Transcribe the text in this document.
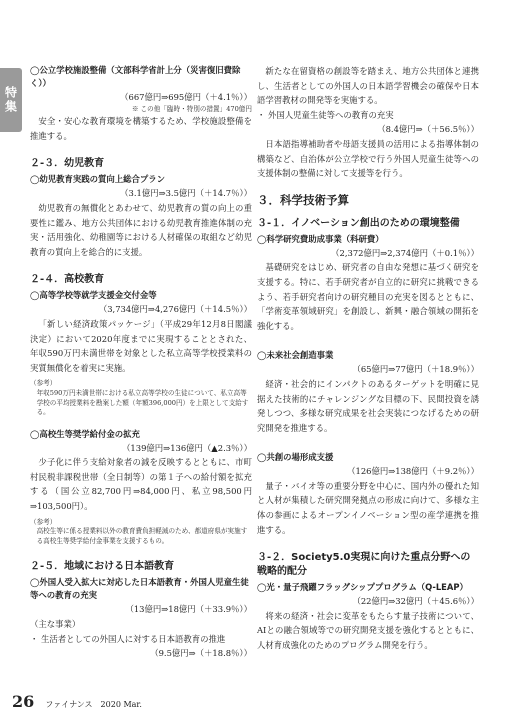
特集
◯公立学校施設整備（文部科学省計上分（災害復旧費除く））
（667億円⇒695億円（＋4.1％））
※ この他「臨時・特別の措置」470億円
安全・安心な教育環境を構築するため、学校施設整備を推進する。
２-３．幼児教育
◯幼児教育実践の質向上総合プラン
（3.1億円⇒3.5億円（＋14.7％））
幼児教育の無償化とあわせて、幼児教育の質の向上の重要性に鑑み、地方公共団体における幼児教育推進体制の充実・活用強化、幼稚園等における人材確保の取組など幼児教育の質向上を総合的に支援。
２-４．高校教育
◯高等学校等就学支援金交付金等
（3,734億円⇒4,276億円（＋14.5％））
「新しい経済政策パッケージ」（平成29年12月8日閣議決定）において2020年度までに実現することとされた、年収590万円未満世帯を対象とした私立高等学校授業料の実質無償化を着実に実施。
（参考）
年収590万円未満世帯における私立高等学校の生徒について、私立高等学校の平均授業料を勘案した額（年額396,000円）を上限として支給する。
◯高校生等奨学給付金の拡充
（139億円⇒136億円（▲2.3％））
少子化に伴う支給対象者の減を反映するとともに、市町村民税非課税世帯（全日制等）の第１子への給付額を拡充する（国公立82,700円⇒84,000円、私立98,500円⇒103,500円）。
（参考）
高校生等に係る授業料以外の教育費負担軽減のため、都道府県が実施する高校生等奨学給付金事業を支援するもの。
２-５．地域における日本語教育
◯外国人受入拡大に対応した日本語教育・外国人児童生徒等への教育の充実
（13億円⇒18億円（＋33.9％））
（主な事業）
・ 生活者としての外国人に対する日本語教育の推進
（9.5億円⇒（＋18.8％））
新たな在留資格の創設等を踏まえ、地方公共団体と連携し、生活者としての外国人の日本語学習機会の確保や日本語学習教材の開発等を実施する。
・ 外国人児童生徒等への教育の充実
（8.4億円⇒（＋56.5％））
日本語指導補助者や母語支援員の活用による指導体制の構築など、自治体が公立学校で行う外国人児童生徒等への支援体制の整備に対して支援等を行う。
３．科学技術予算
３-１．イノベーション創出のための環境整備
◯科学研究費助成事業（科研費）
（2,372億円⇒2,374億円（＋0.1％））
基礎研究をはじめ、研究者の自由な発想に基づく研究を支援する。特に、若手研究者が自立的に研究に挑戦できるよう、若手研究者向けの研究種目の充実を図るとともに、「学術変革領域研究」を創設し、新興・融合領域の開拓を強化する。
◯未来社会創造事業
（65億円⇒77億円（＋18.9％））
経済・社会的にインパクトのあるターゲットを明確に見据えた技術的にチャレンジングな目標の下、民間投資を誘発しつつ、多様な研究成果を社会実装につなげるための研究開発を推進する。
◯共創の場形成支援
（126億円⇒138億円（＋9.2％））
量子・バイオ等の重要分野を中心に、国内外の優れた知と人材が集積した研究開発拠点の形成に向けて、多様な主体の参画によるオープンイノベーション型の産学連携を推進する。
３-２．Society5.0実現に向けた重点分野への戦略的配分
◯光・量子飛躍フラッグシッププログラム（Q-LEAP）
（22億円⇒32億円（＋45.6％））
将来の経済・社会に変革をもたらす量子技術について、AIとの融合領域等での研究開発支援を強化するとともに、人材育成強化のためのプログラム開発を行う。
26 ファイナンス　2020 Mar.
